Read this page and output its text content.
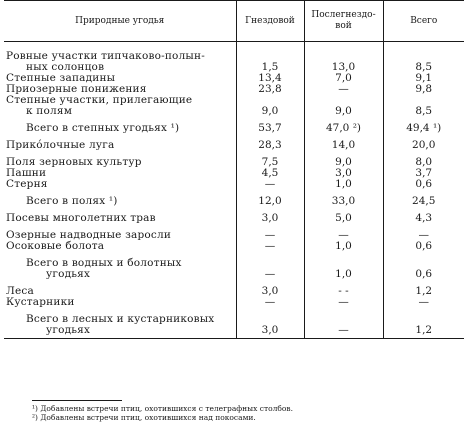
Природные угодья	Гнездовой	Послегнездо- вой	Всего
Ровные участки типчаково-полын-
ных солонцов	1,5	13,0	8,5
Степные западины	13,4	7,0	9,1
Приозерные понижения	23,8	—	9,8
Степные участки, прилегающие
к полям	9,0	9,0	8,5
Всего в степных угодьях ¹)	53,7	47,0 ²)	49,4 ¹)
Прико́лочные луга	28,3	14,0	20,0
Поля зерновых культур	7,5	9,0	8,0
Пашни	4,5	3,0	3,7
Стерня	—	1,0	0,6
Всего в полях ¹)	12,0	33,0	24,5
Посевы многолетних трав	3,0	5,0	4,3
Озерные надводные заросли	—	—	—
Осоковые болота	—	1,0	0,6
Всего в водных и болотных
угодьях	—	1,0	0,6
Леса	3,0	- -	1,2
Кустарники	—	—	—
Всего в лесных и кустарниковых
угодьях	3,0	—	1,2
¹) Добавлены встречи птиц, охотившихся с телеграфных столбов.
²) Добавлены встречи птиц, охотившихся над покосами.
